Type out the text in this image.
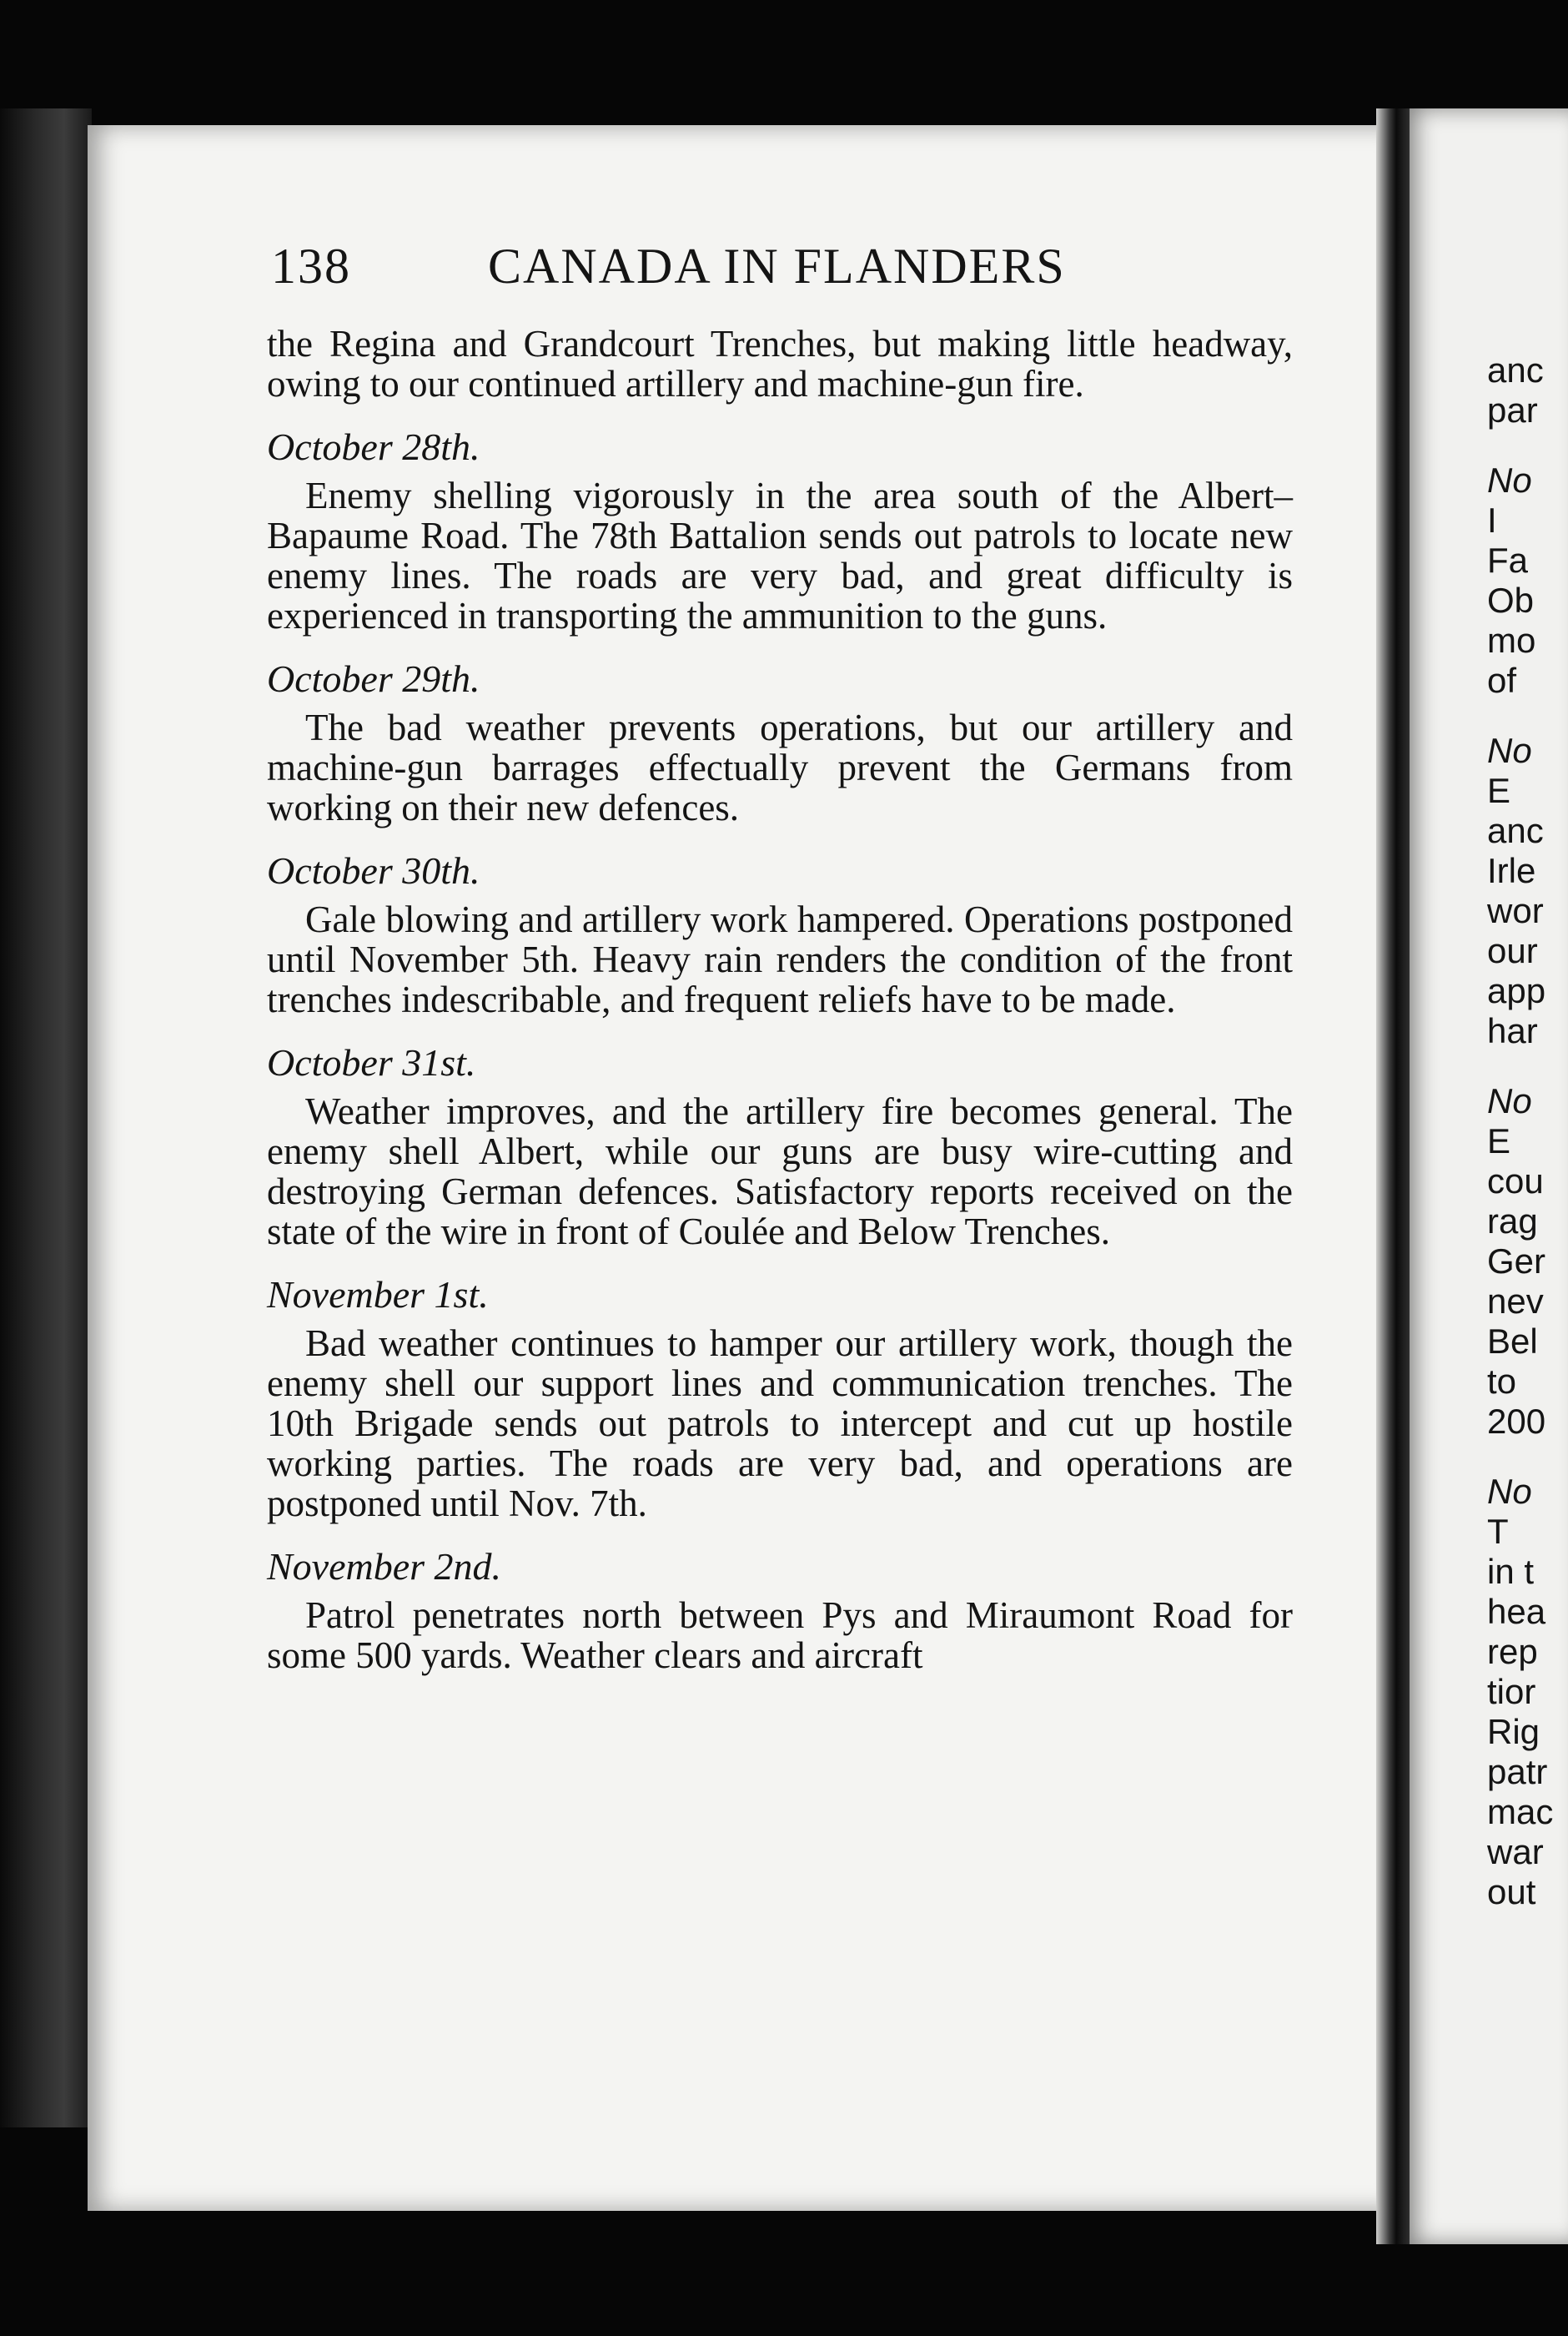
138	CANADA IN FLANDERS

the Regina and Grandcourt Trenches, but making little headway, owing to our continued artillery and machine-gun fire.

October 28th.

Enemy shelling vigorously in the area south of the Albert–Bapaume Road. The 78th Battalion sends out patrols to locate new enemy lines. The roads are very bad, and great difficulty is experienced in transporting the ammunition to the guns.

October 29th.

The bad weather prevents operations, but our artillery and machine-gun barrages effectually prevent the Germans from working on their new defences.

October 30th.

Gale blowing and artillery work hampered. Operations postponed until November 5th. Heavy rain renders the condition of the front trenches indescribable, and frequent reliefs have to be made.

October 31st.

Weather improves, and the artillery fire becomes general. The enemy shell Albert, while our guns are busy wire-cutting and destroying German defences. Satisfactory reports received on the state of the wire in front of Coulée and Below Trenches.

November 1st.

Bad weather continues to hamper our artillery work, though the enemy shell our support lines and communication trenches. The 10th Brigade sends out patrols to intercept and cut up hostile working parties. The roads are very bad, and operations are postponed until Nov. 7th.

November 2nd.

Patrol penetrates north between Pys and Miraumont Road for some 500 yards. Weather clears and aircraft

anc
par
No
I
Fa
Ob
mo
of
No
E
anc
Irle
wor
our
app
har
No
E
cou
rag
Ger
nev
Bel
to
200
No
T
in t
hea
rep
tior
Rig
patr
mac
war
out
